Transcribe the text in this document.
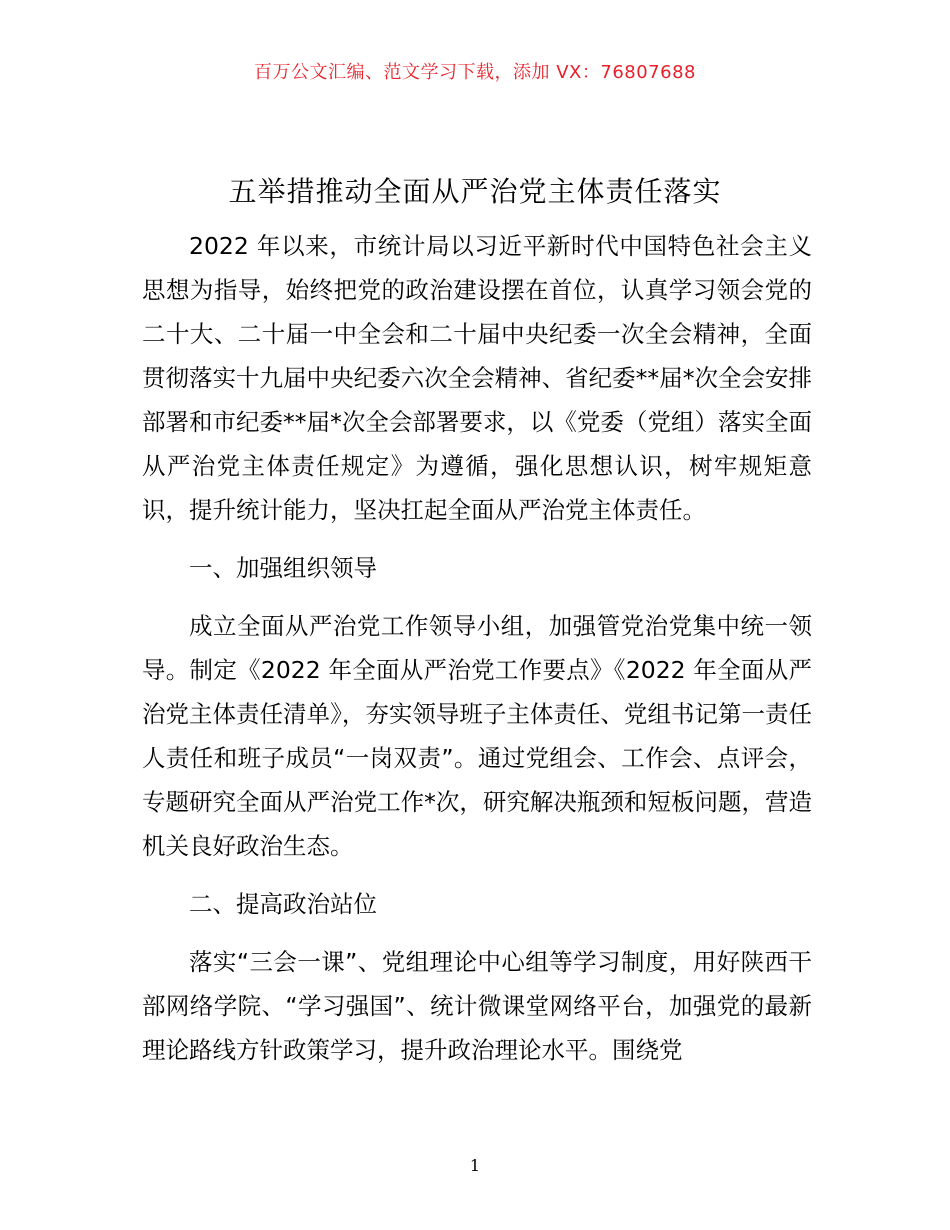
百万公文汇编、范文学习下载，添加 VX：76807688
五举措推动全面从严治党主体责任落实

2022 年以来，市统计局以习近平新时代中国特色社会主义思想为指导，始终把党的政治建设摆在首位，认真学习领会党的二十大、二十届一中全会和二十届中央纪委一次全会精神，全面贯彻落实十九届中央纪委六次全会精神、省纪委**届*次全会安排部署和市纪委**届*次全会部署要求，以《党委（党组）落实全面从严治党主体责任规定》为遵循，强化思想认识，树牢规矩意识，提升统计能力，坚决扛起全面从严治党主体责任。

一、加强组织领导

成立全面从严治党工作领导小组，加强管党治党集中统一领导。制定《2022 年全面从严治党工作要点》《2022 年全面从严治党主体责任清单》，夯实领导班子主体责任、党组书记第一责任人责任和班子成员“一岗双责”。通过党组会、工作会、点评会，专题研究全面从严治党工作*次，研究解决瓶颈和短板问题，营造机关良好政治生态。

二、提高政治站位

落实“三会一课”、党组理论中心组等学习制度，用好陕西干部网络学院、“学习强国”、统计微课堂网络平台，加强党的最新理论路线方针政策学习，提升政治理论水平。围绕党

1
